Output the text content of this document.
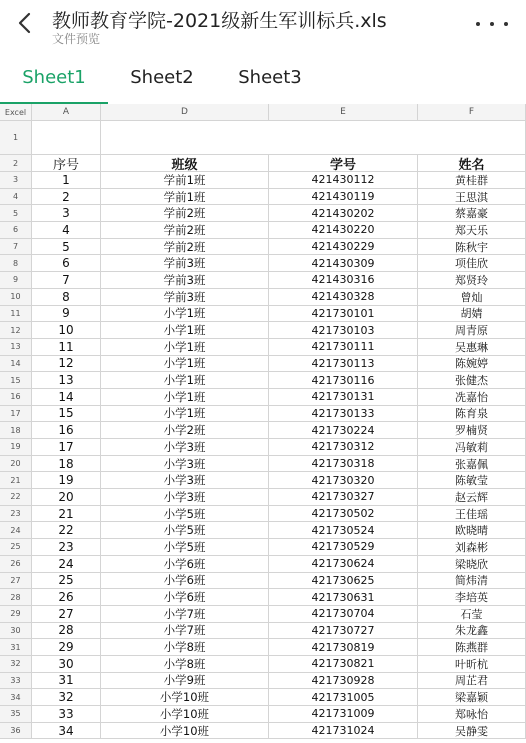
教师教育学院-2021级新生军训标兵.xls
文件预览
Sheet1	Sheet2	Sheet3
Excel	A	D	E	F
1
2	序号	班级	学号	姓名
3	1	学前1班	421430112	黄桂群
4	2	学前1班	421430119	王思淇
5	3	学前2班	421430202	蔡嘉豪
6	4	学前2班	421430220	郑天乐
7	5	学前2班	421430229	陈秋宇
8	6	学前3班	421430309	项佳欣
9	7	学前3班	421430316	郑贤玲
10	8	学前3班	421430328	曾灿
11	9	小学1班	421730101	胡婧
12	10	小学1班	421730103	周青原
13	11	小学1班	421730111	吴惠琳
14	12	小学1班	421730113	陈婉婷
15	13	小学1班	421730116	张健杰
16	14	小学1班	421730131	冼嘉怡
17	15	小学1班	421730133	陈育泉
18	16	小学2班	421730224	罗楠贤
19	17	小学3班	421730312	冯敏莉
20	18	小学3班	421730318	张嘉佩
21	19	小学3班	421730320	陈敏莹
22	20	小学3班	421730327	赵云辉
23	21	小学5班	421730502	王佳瑶
24	22	小学5班	421730524	欧晓晴
25	23	小学5班	421730529	刘森彬
26	24	小学6班	421730624	梁晓欣
27	25	小学6班	421730625	简炜清
28	26	小学6班	421730631	李培英
29	27	小学7班	421730704	石莹
30	28	小学7班	421730727	朱龙鑫
31	29	小学8班	421730819	陈燕群
32	30	小学8班	421730821	叶昕杭
33	31	小学9班	421730928	周芷君
34	32	小学10班	421731005	梁嘉颖
35	33	小学10班	421731009	郑咏怡
36	34	小学10班	421731024	吴静雯
